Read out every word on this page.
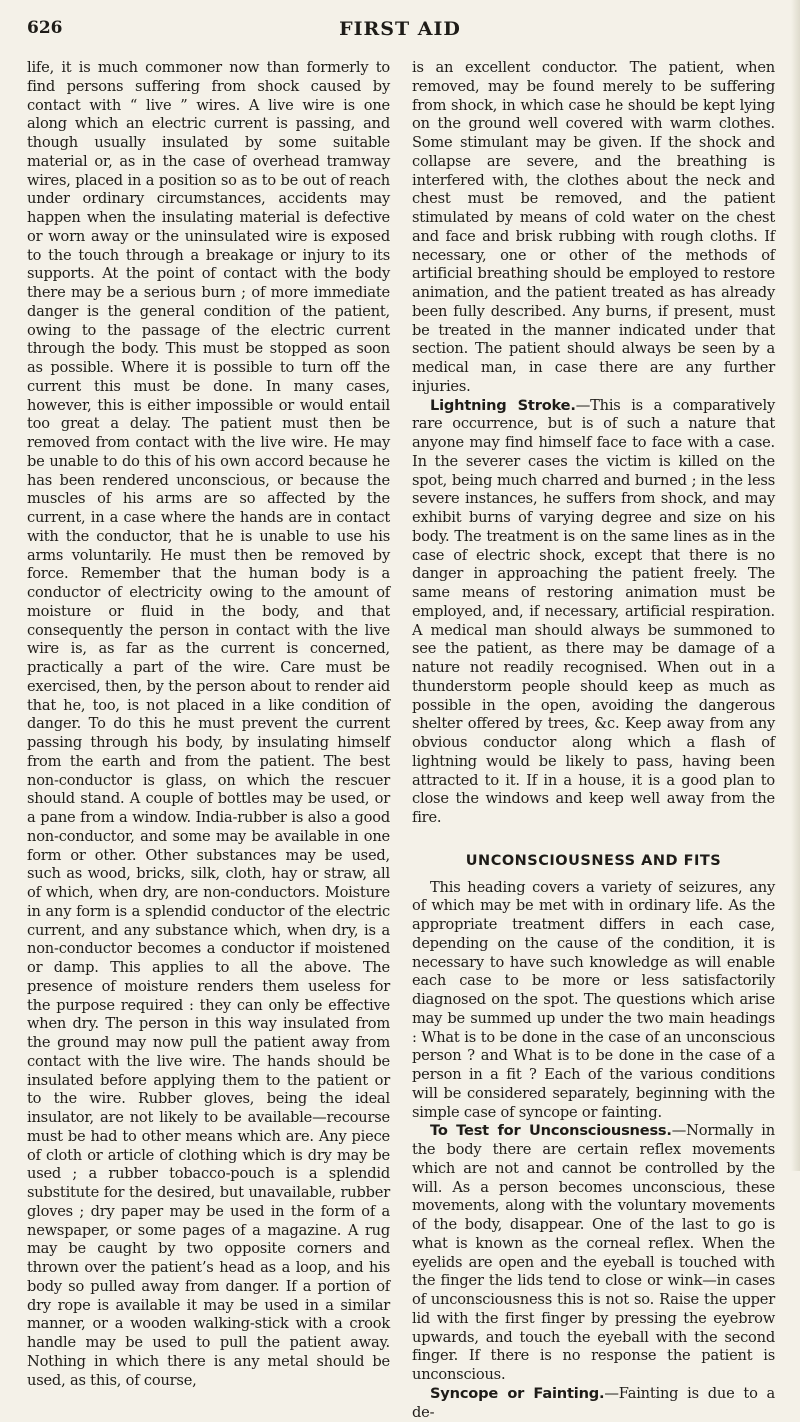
626	FIRST AID

life, it is much commoner now than formerly to find persons suffering from shock caused by contact with “ live ” wires. A live wire is one along which an electric current is passing, and though usually insulated by some suitable material or, as in the case of overhead tramway wires, placed in a position so as to be out of reach under ordinary circumstances, accidents may happen when the insulating material is defective or worn away or the uninsulated wire is exposed to the touch through a breakage or injury to its supports. At the point of contact with the body there may be a serious burn ; of more immediate danger is the general condition of the patient, owing to the passage of the electric current through the body. This must be stopped as soon as possible. Where it is possible to turn off the current this must be done. In many cases, however, this is either impossible or would entail too great a delay. The patient must then be removed from contact with the live wire. He may be unable to do this of his own accord because he has been rendered unconscious, or because the muscles of his arms are so affected by the current, in a case where the hands are in contact with the conductor, that he is unable to use his arms voluntarily. He must then be removed by force. Remember that the human body is a conductor of electricity owing to the amount of moisture or fluid in the body, and that consequently the person in contact with the live wire is, as far as the current is concerned, practically a part of the wire. Care must be exercised, then, by the person about to render aid that he, too, is not placed in a like condition of danger. To do this he must prevent the current passing through his body, by insulating himself from the earth and from the patient. The best non-conductor is glass, on which the rescuer should stand. A couple of bottles may be used, or a pane from a window. India-rubber is also a good non-conductor, and some may be available in one form or other. Other substances may be used, such as wood, bricks, silk, cloth, hay or straw, all of which, when dry, are non-conductors. Moisture in any form is a splendid conductor of the electric current, and any substance which, when dry, is a non-conductor becomes a conductor if moistened or damp. This applies to all the above. The presence of moisture renders them useless for the purpose required : they can only be effective when dry. The person in this way insulated from the ground may now pull the patient away from contact with the live wire. The hands should be insulated before applying them to the patient or to the wire. Rubber gloves, being the ideal insulator, are not likely to be available—recourse must be had to other means which are. Any piece of cloth or article of clothing which is dry may be used ; a rubber tobacco-pouch is a splendid substitute for the desired, but unavailable, rubber gloves ; dry paper may be used in the form of a newspaper, or some pages of a magazine. A rug may be caught by two opposite corners and thrown over the patient’s head as a loop, and his body so pulled away from danger. If a portion of dry rope is available it may be used in a similar manner, or a wooden walking-stick with a crook handle may be used to pull the patient away. Nothing in which there is any metal should be used, as this, of course,

is an excellent conductor. The patient, when removed, may be found merely to be suffering from shock, in which case he should be kept lying on the ground well covered with warm clothes. Some stimulant may be given. If the shock and collapse are severe, and the breathing is interfered with, the clothes about the neck and chest must be removed, and the patient stimulated by means of cold water on the chest and face and brisk rubbing with rough cloths. If necessary, one or other of the methods of artificial breathing should be employed to restore animation, and the patient treated as has already been fully described. Any burns, if present, must be treated in the manner indicated under that section. The patient should always be seen by a medical man, in case there are any further injuries.

Lightning Stroke.—This is a comparatively rare occurrence, but is of such a nature that anyone may find himself face to face with a case. In the severer cases the victim is killed on the spot, being much charred and burned ; in the less severe instances, he suffers from shock, and may exhibit burns of varying degree and size on his body. The treatment is on the same lines as in the case of electric shock, except that there is no danger in approaching the patient freely. The same means of restoring animation must be employed, and, if necessary, artificial respiration. A medical man should always be summoned to see the patient, as there may be damage of a nature not readily recognised. When out in a thunderstorm people should keep as much as possible in the open, avoiding the dangerous shelter offered by trees, &c. Keep away from any obvious conductor along which a flash of lightning would be likely to pass, having been attracted to it. If in a house, it is a good plan to close the windows and keep well away from the fire.

UNCONSCIOUSNESS AND FITS

This heading covers a variety of seizures, any of which may be met with in ordinary life. As the appropriate treatment differs in each case, depending on the cause of the condition, it is necessary to have such knowledge as will enable each case to be more or less satisfactorily diagnosed on the spot. The questions which arise may be summed up under the two main headings : What is to be done in the case of an unconscious person ? and What is to be done in the case of a person in a fit ? Each of the various conditions will be considered separately, beginning with the simple case of syncope or fainting.

To Test for Unconsciousness.—Normally in the body there are certain reflex movements which are not and cannot be controlled by the will. As a person becomes unconscious, these movements, along with the voluntary movements of the body, disappear. One of the last to go is what is known as the corneal reflex. When the eyelids are open and the eyeball is touched with the finger the lids tend to close or wink—in cases of unconsciousness this is not so. Raise the upper lid with the first finger by pressing the eyebrow upwards, and touch the eyeball with the second finger. If there is no response the patient is unconscious.

Syncope or Fainting.—Fainting is due to a de-
